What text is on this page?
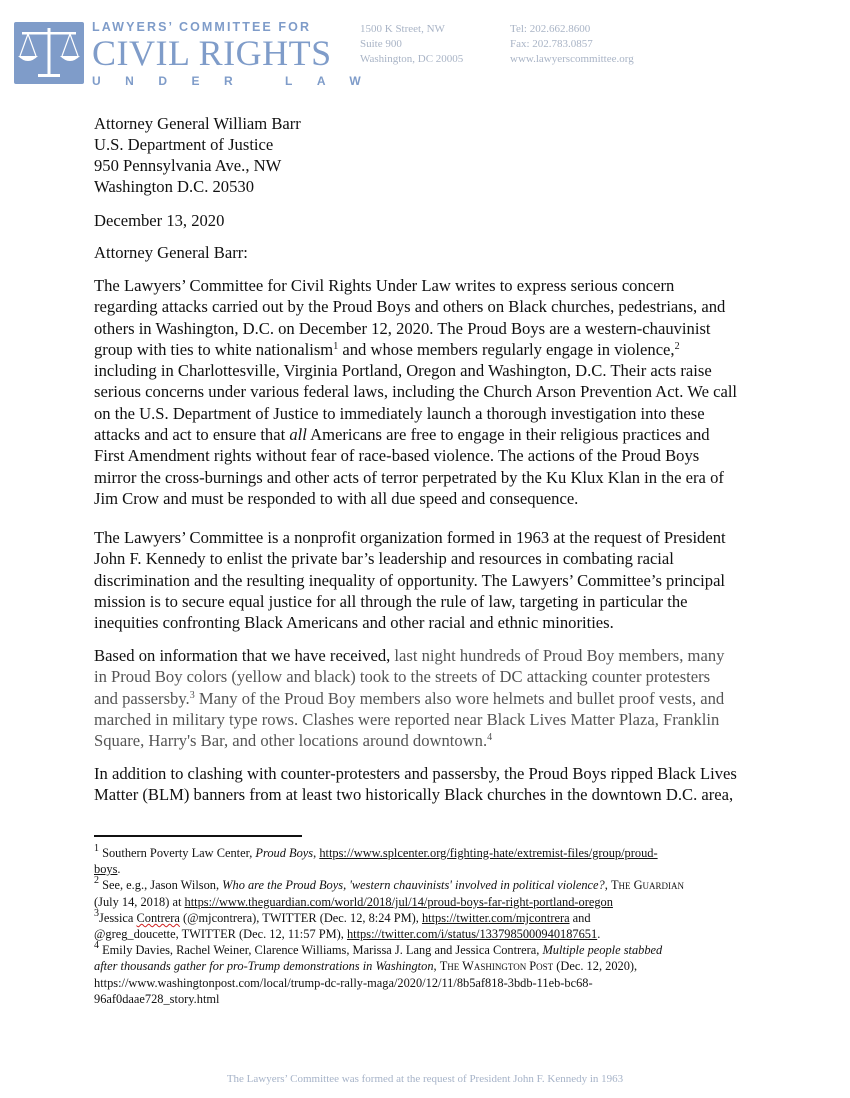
LAWYERS’ COMMITTEE FOR
CIVIL RIGHTS
UNDER LAW
1500 K Street, NW
Suite 900
Washington, DC 20005
Tel: 202.662.8600
Fax: 202.783.0857
www.lawyerscommittee.org
Attorney General William Barr
U.S. Department of Justice
950 Pennsylvania Ave., NW
Washington D.C. 20530
December 13, 2020
Attorney General Barr:
The Lawyers’ Committee for Civil Rights Under Law writes to express serious concern
regarding attacks carried out by the Proud Boys and others on Black churches, pedestrians, and
others in Washington, D.C. on December 12, 2020. The Proud Boys are a western-chauvinist
group with ties to white nationalism$^1$ and whose members regularly engage in violence,$^2$
including in Charlottesville, Virginia Portland, Oregon and Washington, D.C. Their acts raise
serious concerns under various federal laws, including the Church Arson Prevention Act. We call
on the U.S. Department of Justice to immediately launch a thorough investigation into these
attacks and act to ensure that all Americans are free to engage in their religious practices and
First Amendment rights without fear of race-based violence. The actions of the Proud Boys
mirror the cross-burnings and other acts of terror perpetrated by the Ku Klux Klan in the era of
Jim Crow and must be responded to with all due speed and consequence.
The Lawyers’ Committee is a nonprofit organization formed in 1963 at the request of President
John F. Kennedy to enlist the private bar’s leadership and resources in combating racial
discrimination and the resulting inequality of opportunity. The Lawyers’ Committee’s principal
mission is to secure equal justice for all through the rule of law, targeting in particular the
inequities confronting Black Americans and other racial and ethnic minorities.
Based on information that we have received, last night hundreds of Proud Boy members, many
in Proud Boy colors (yellow and black) took to the streets of DC attacking counter protesters
and passersby.$^3$ Many of the Proud Boy members also wore helmets and bullet proof vests, and
marched in military type rows. Clashes were reported near Black Lives Matter Plaza, Franklin
Square, Harry's Bar, and other locations around downtown.$^4$
In addition to clashing with counter-protesters and passersby, the Proud Boys ripped Black Lives
Matter (BLM) banners from at least two historically Black churches in the downtown D.C. area,
$^1$ Southern Poverty Law Center, Proud Boys, https://www.splcenter.org/fighting-hate/extremist-files/group/proud-
boys.
$^2$ See, e.g., Jason Wilson, Who are the Proud Boys, 'western chauvinists' involved in political violence?, The Guardian
(July 14, 2018) at https://www.theguardian.com/world/2018/jul/14/proud-boys-far-right-portland-oregon
$^3$Jessica Contrera (@mjcontrera), TWITTER (Dec. 12, 8:24 PM), https://twitter.com/mjcontrera and
@greg_doucette, TWITTER (Dec. 12, 11:57 PM), https://twitter.com/i/status/1337985000940187651.
$^4$ Emily Davies, Rachel Weiner, Clarence Williams, Marissa J. Lang and Jessica Contrera, Multiple people stabbed
after thousands gather for pro-Trump demonstrations in Washington, The Washington Post (Dec. 12, 2020),
https://www.washingtonpost.com/local/trump-dc-rally-maga/2020/12/11/8b5af818-3bdb-11eb-bc68-
96af0daae728_story.html
The Lawyers’ Committee was formed at the request of President John F. Kennedy in 1963
